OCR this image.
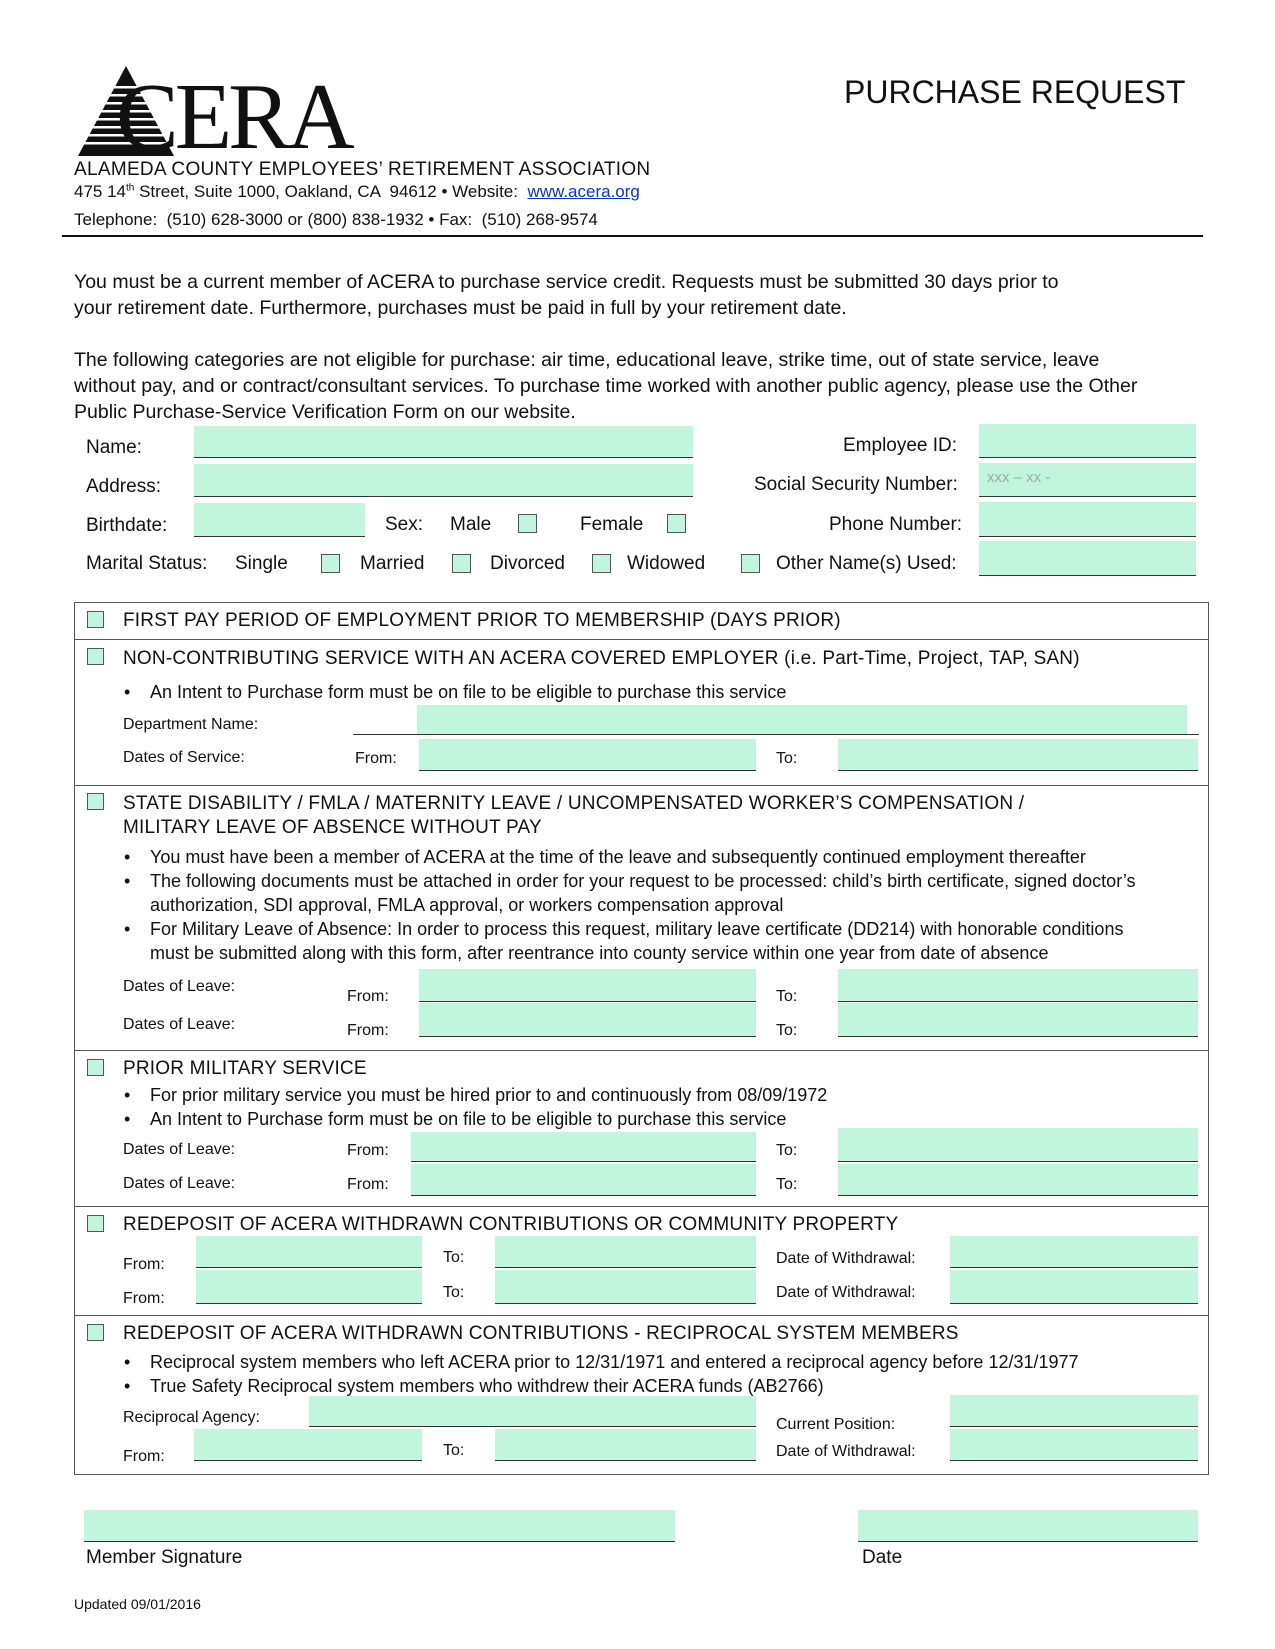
CERA	PURCHASE REQUEST
ALAMEDA COUNTY EMPLOYEES’ RETIREMENT ASSOCIATION
475 14th Street, Suite 1000, Oakland, CA  94612 • Website:  www.acera.org
Telephone:  (510) 628-3000 or (800) 838-1932 • Fax:  (510) 268-9574
You must be a current member of ACERA to purchase service credit. Requests must be submitted 30 days prior to
your retirement date. Furthermore, purchases must be paid in full by your retirement date.
The following categories are not eligible for purchase: air time, educational leave, strike time, out of state service, leave
without pay, and or contract/consultant services. To purchase time worked with another public agency, please use the Other
Public Purchase-Service Verification Form on our website.
Name:
Address:
Birthdate:	Sex: Male	Female
Marital Status: Single	Married	Divorced	Widowed
Employee ID:
Social Security Number:	xxx – xx -
Phone Number:
Other Name(s) Used:
FIRST PAY PERIOD OF EMPLOYMENT PRIOR TO MEMBERSHIP (DAYS PRIOR)
NON-CONTRIBUTING SERVICE WITH AN ACERA COVERED EMPLOYER (i.e. Part-Time, Project, TAP, SAN)
• An Intent to Purchase form must be on file to be eligible to purchase this service
Department Name:
Dates of Service:	From:	To:
STATE DISABILITY / FMLA / MATERNITY LEAVE / UNCOMPENSATED WORKER’S COMPENSATION /
MILITARY LEAVE OF ABSENCE WITHOUT PAY
• You must have been a member of ACERA at the time of the leave and subsequently continued employment thereafter
• The following documents must be attached in order for your request to be processed: child’s birth certificate, signed doctor’s
authorization, SDI approval, FMLA approval, or workers compensation approval
• For Military Leave of Absence: In order to process this request, military leave certificate (DD214) with honorable conditions
must be submitted along with this form, after reentrance into county service within one year from date of absence
Dates of Leave:
From:	To:
Dates of Leave:	From:	To:
PRIOR MILITARY SERVICE
• For prior military service you must be hired prior to and continuously from 08/09/1972
• An Intent to Purchase form must be on file to be eligible to purchase this service
Dates of Leave:	From:	To:
Dates of Leave:	From:	To:
REDEPOSIT OF ACERA WITHDRAWN CONTRIBUTIONS OR COMMUNITY PROPERTY
From:	To:	Date of Withdrawal:
From:	To:	Date of Withdrawal:
REDEPOSIT OF ACERA WITHDRAWN CONTRIBUTIONS - RECIPROCAL SYSTEM MEMBERS
• Reciprocal system members who left ACERA prior to 12/31/1971 and entered a reciprocal agency before 12/31/1977
• True Safety Reciprocal system members who withdrew their ACERA funds (AB2766)
Reciprocal Agency:	Current Position:
From:	To:	Date of Withdrawal:
Member Signature	Date
Updated 09/01/2016
